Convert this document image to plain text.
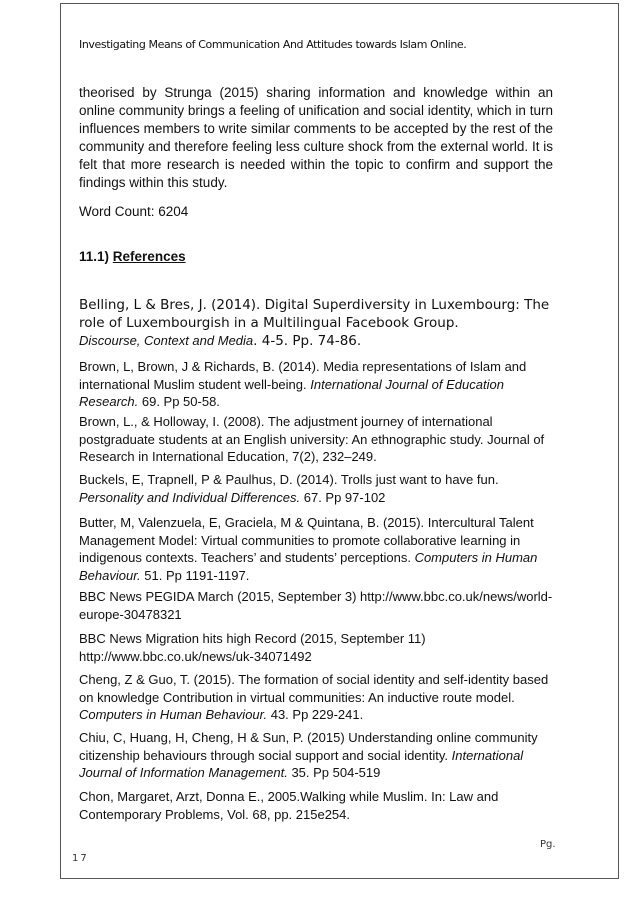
Investigating Means of Communication And Attitudes towards Islam Online.
theorised by Strunga (2015) sharing information and knowledge within an online community brings a feeling of unification and social identity, which in turn influences members to write similar comments to be accepted by the rest of the community and therefore feeling less culture shock from the external world. It is felt that more research is needed within the topic to confirm and support the findings within this study.
Word Count: 6204
11.1) References
Belling, L & Bres, J. (2014). Digital Superdiversity in Luxembourg: The role of Luxembourgish in a Multilingual Facebook Group.
Discourse, Context and Media. 4-5. Pp. 74-86.
Brown, L, Brown, J & Richards, B. (2014). Media representations of Islam and international Muslim student well-being. International Journal of Education Research. 69. Pp 50-58.
Brown, L., & Holloway, I. (2008). The adjustment journey of international postgraduate students at an English university: An ethnographic study. Journal of Research in International Education, 7(2), 232–249.
Buckels, E, Trapnell, P & Paulhus, D. (2014). Trolls just want to have fun.
Personality and Individual Differences. 67. Pp 97-102
Butter, M, Valenzuela, E, Graciela, M & Quintana, B. (2015). Intercultural Talent Management Model: Virtual communities to promote collaborative learning in indigenous contexts. Teachers’ and students’ perceptions. Computers in Human Behaviour. 51. Pp 1191-1197.
BBC News PEGIDA March (2015, September 3) http://www.bbc.co.uk/news/world-europe-30478321
BBC News Migration hits high Record (2015, September 11) http://www.bbc.co.uk/news/uk-34071492
Cheng, Z & Guo, T. (2015). The formation of social identity and self-identity based on knowledge Contribution in virtual communities: An inductive route model. Computers in Human Behaviour. 43. Pp 229-241.
Chiu, C, Huang, H, Cheng, H & Sun, P. (2015) Understanding online community citizenship behaviours through social support and social identity. International Journal of Information Management. 35. Pp 504-519
Chon, Margaret, Arzt, Donna E., 2005.Walking while Muslim. In: Law and Contemporary Problems, Vol. 68, pp. 215e254.
Pg.
17
